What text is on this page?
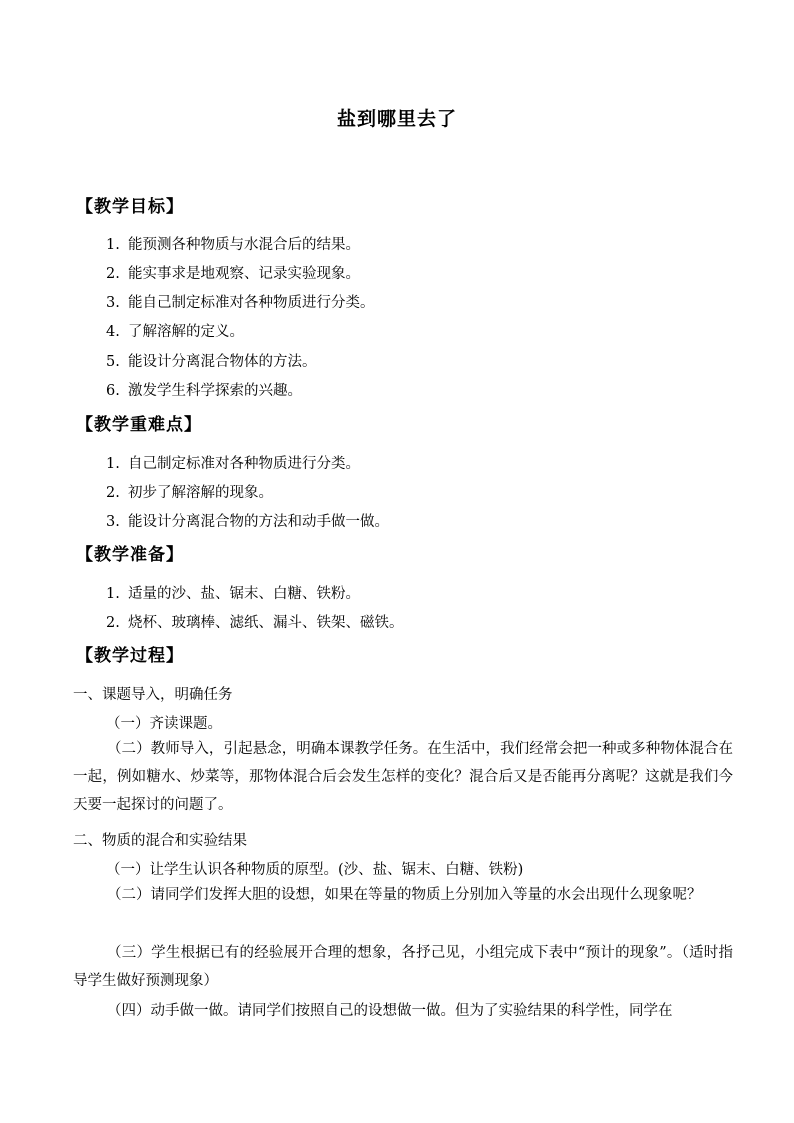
盐到哪里去了
【教学目标】
1. 能预测各种物质与水混合后的结果。
2. 能实事求是地观察、记录实验现象。
3. 能自己制定标准对各种物质进行分类。
4. 了解溶解的定义。
5. 能设计分离混合物体的方法。
6. 激发学生科学探索的兴趣。
【教学重难点】
1. 自己制定标准对各种物质进行分类。
2. 初步了解溶解的现象。
3. 能设计分离混合物的方法和动手做一做。
【教学准备】
1. 适量的沙、盐、锯末、白糖、铁粉。
2. 烧杯、玻璃棒、滤纸、漏斗、铁架、磁铁。
【教学过程】
一、课题导入，明确任务
（一）齐读课题。
（二）教师导入，引起悬念，明确本课教学任务。在生活中，我们经常会把一种或多种物体混合在一起，例如糖水、炒菜等，那物体混合后会发生怎样的变化？混合后又是否能再分离呢？这就是我们今天要一起探讨的问题了。
二、物质的混合和实验结果
（一）让学生认识各种物质的原型。(沙、盐、锯末、白糖、铁粉)
（二）请同学们发挥大胆的设想，如果在等量的物质上分别加入等量的水会出现什么现象呢？
（三）学生根据已有的经验展开合理的想象，各抒己见，小组完成下表中“预计的现象”。（适时指导学生做好预测现象）
（四）动手做一做。请同学们按照自己的设想做一做。但为了实验结果的科学性，同学在
